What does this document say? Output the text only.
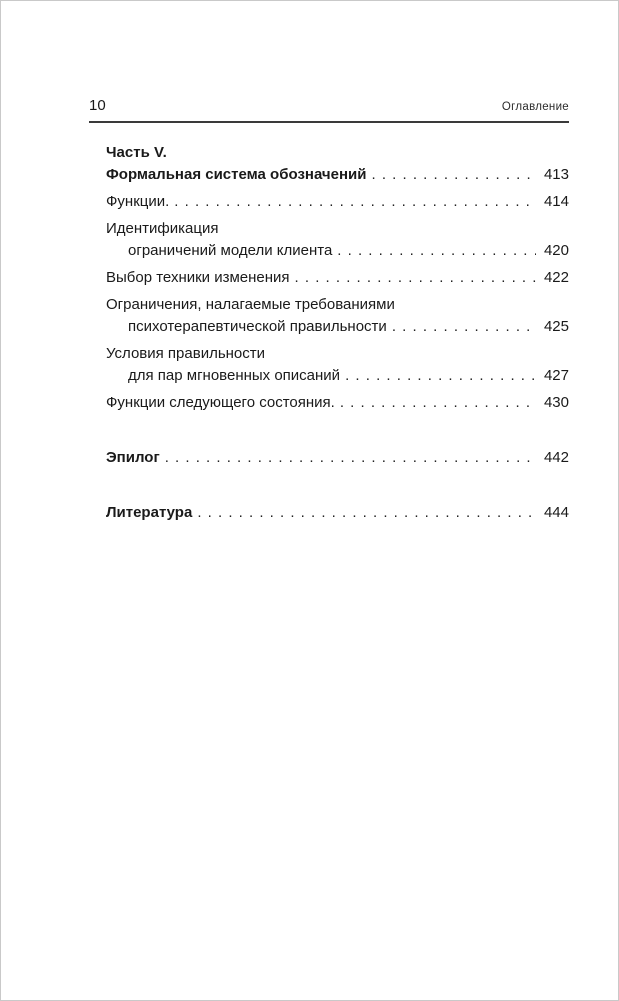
10	Оглавление
Часть V.
Формальная система обозначений . . .	413
Функции. . . .	414
Идентификация
ограничений модели клиента . . .	420
Выбор техники изменения . . .	422
Ограничения, налагаемые требованиями
психотерапевтической правильности . . .	425
Условия правильности
для пар мгновенных описаний . . .	427
Функции следующего состояния. . . .	430
Эпилог . . .	442
Литература . . .	444
